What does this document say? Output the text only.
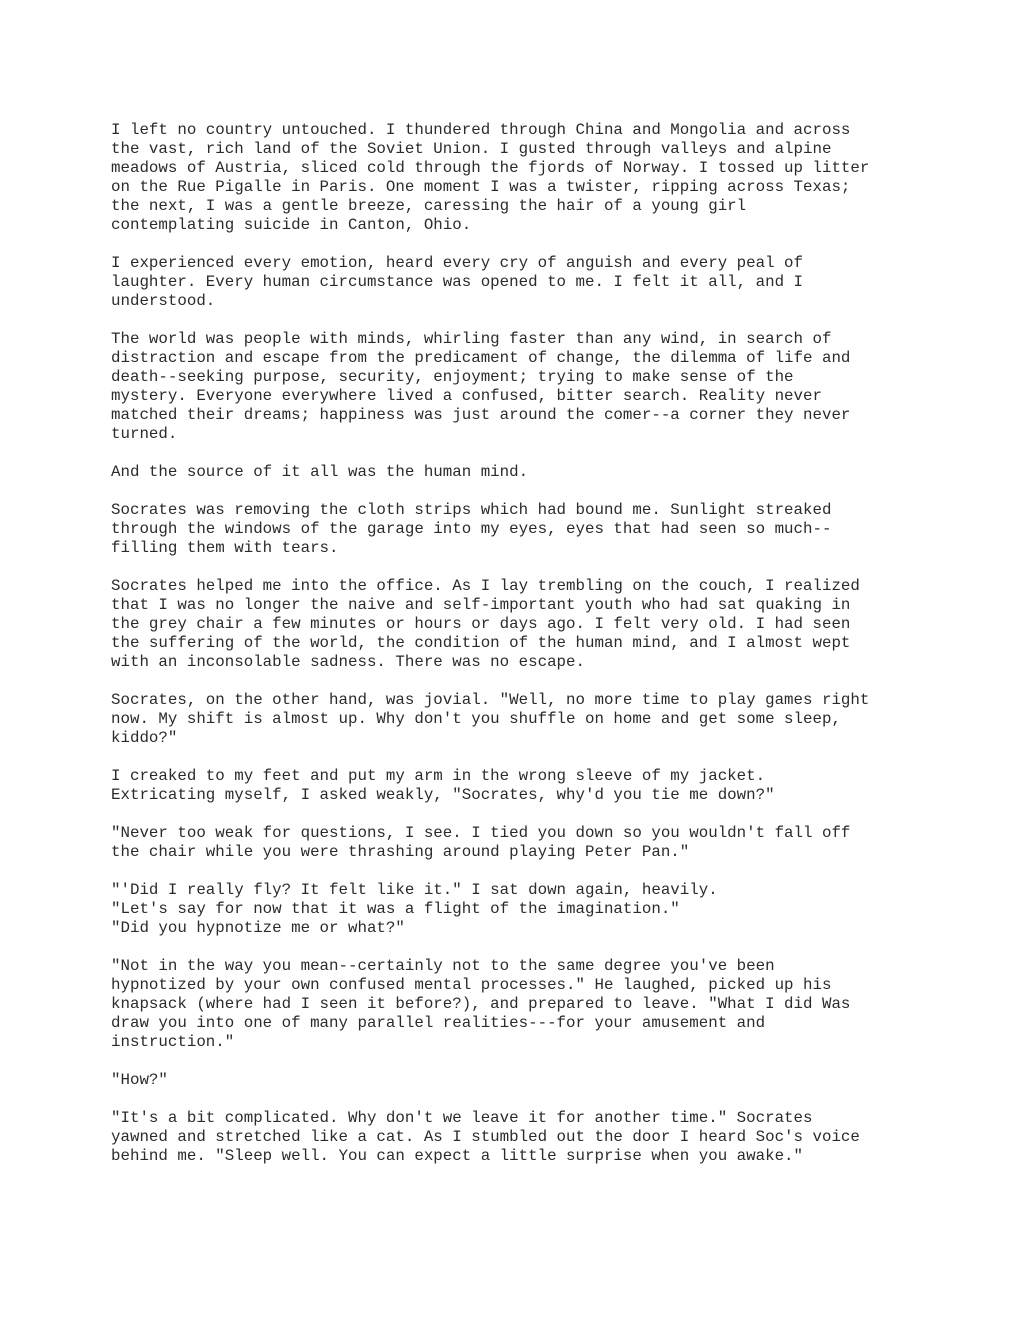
I left no country untouched. I thundered through China and Mongolia and across
the vast, rich land of the Soviet Union. I gusted through valleys and alpine
meadows of Austria, sliced cold through the fjords of Norway. I tossed up litter
on the Rue Pigalle in Paris. One moment I was a twister, ripping across Texas;
the next, I was a gentle breeze, caressing the hair of a young girl
contemplating suicide in Canton, Ohio.

I experienced every emotion, heard every cry of anguish and every peal of
laughter. Every human circumstance was opened to me. I felt it all, and I
understood.

The world was people with minds, whirling faster than any wind, in search of
distraction and escape from the predicament of change, the dilemma of life and
death--seeking purpose, security, enjoyment; trying to make sense of the
mystery. Everyone everywhere lived a confused, bitter search. Reality never
matched their dreams; happiness was just around the comer--a corner they never
turned.

And the source of it all was the human mind.

Socrates was removing the cloth strips which had bound me. Sunlight streaked
through the windows of the garage into my eyes, eyes that had seen so much--
filling them with tears.

Socrates helped me into the office. As I lay trembling on the couch, I realized
that I was no longer the naive and self-important youth who had sat quaking in
the grey chair a few minutes or hours or days ago. I felt very old. I had seen
the suffering of the world, the condition of the human mind, and I almost wept
with an inconsolable sadness. There was no escape.

Socrates, on the other hand, was jovial. "Well, no more time to play games right
now. My shift is almost up. Why don't you shuffle on home and get some sleep,
kiddo?"

I creaked to my feet and put my arm in the wrong sleeve of my jacket.
Extricating myself, I asked weakly, "Socrates, why'd you tie me down?"

"Never too weak for questions, I see. I tied you down so you wouldn't fall off
the chair while you were thrashing around playing Peter Pan."

"'Did I really fly? It felt like it." I sat down again, heavily.
"Let's say for now that it was a flight of the imagination."
"Did you hypnotize me or what?"

"Not in the way you mean--certainly not to the same degree you've been
hypnotized by your own confused mental processes." He laughed, picked up his
knapsack (where had I seen it before?), and prepared to leave. "What I did Was
draw you into one of many parallel realities---for your amusement and
instruction."

"How?"

"It's a bit complicated. Why don't we leave it for another time." Socrates
yawned and stretched like a cat. As I stumbled out the door I heard Soc's voice
behind me. "Sleep well. You can expect a little surprise when you awake."
